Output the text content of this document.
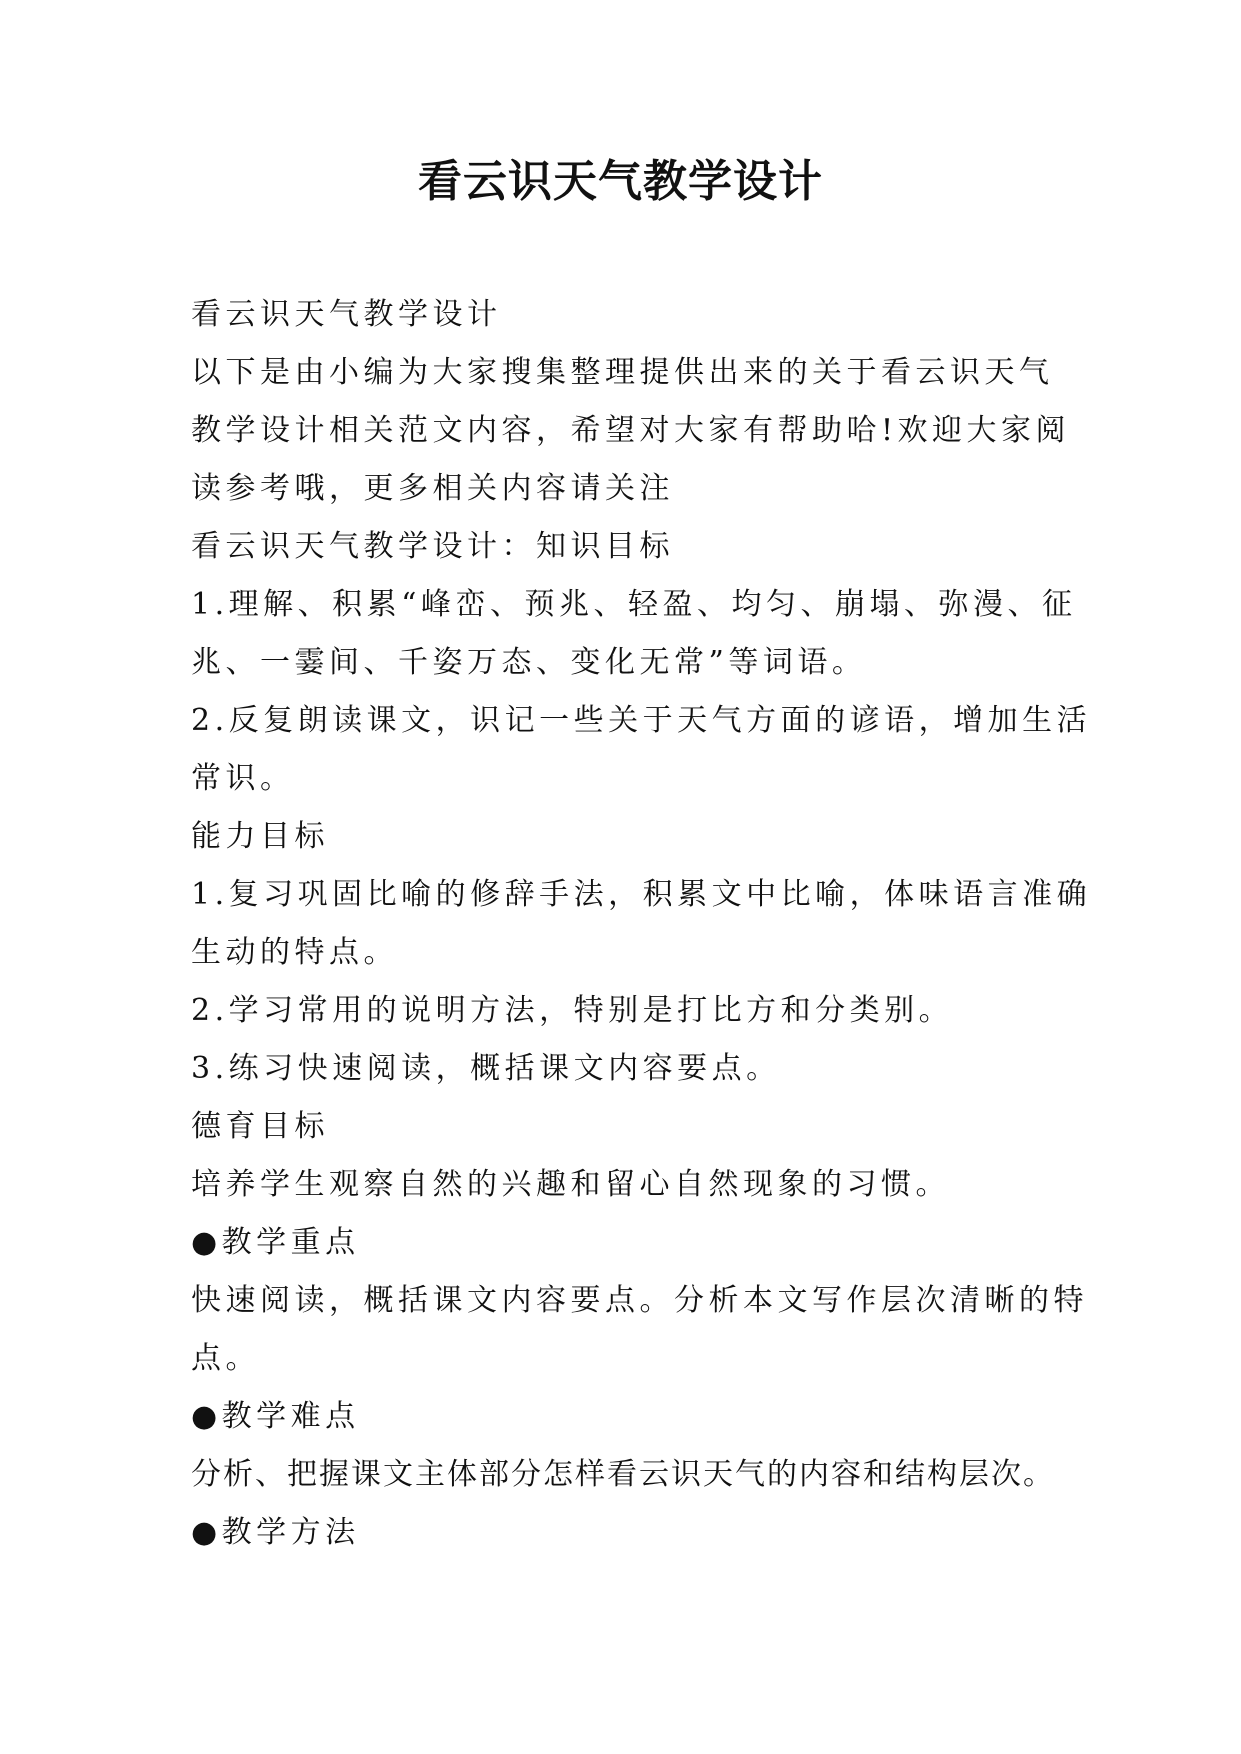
看云识天气教学设计
看云识天气教学设计
以下是由小编为大家搜集整理提供出来的关于看云识天气
教学设计相关范文内容，希望对大家有帮助哈!欢迎大家阅
读参考哦，更多相关内容请关注
看云识天气教学设计：知识目标
1.理解、积累“峰峦、预兆、轻盈、均匀、崩塌、弥漫、征
兆、一霎间、千姿万态、变化无常”等词语。
2.反复朗读课文，识记一些关于天气方面的谚语，增加生活
常识。
能力目标
1.复习巩固比喻的修辞手法，积累文中比喻，体味语言准确
生动的特点。
2.学习常用的说明方法，特别是打比方和分类别。
3.练习快速阅读，概括课文内容要点。
德育目标
培养学生观察自然的兴趣和留心自然现象的习惯。
●教学重点
快速阅读，概括课文内容要点。分析本文写作层次清晰的特
点。
●教学难点
分析、把握课文主体部分怎样看云识天气的内容和结构层次。
●教学方法
